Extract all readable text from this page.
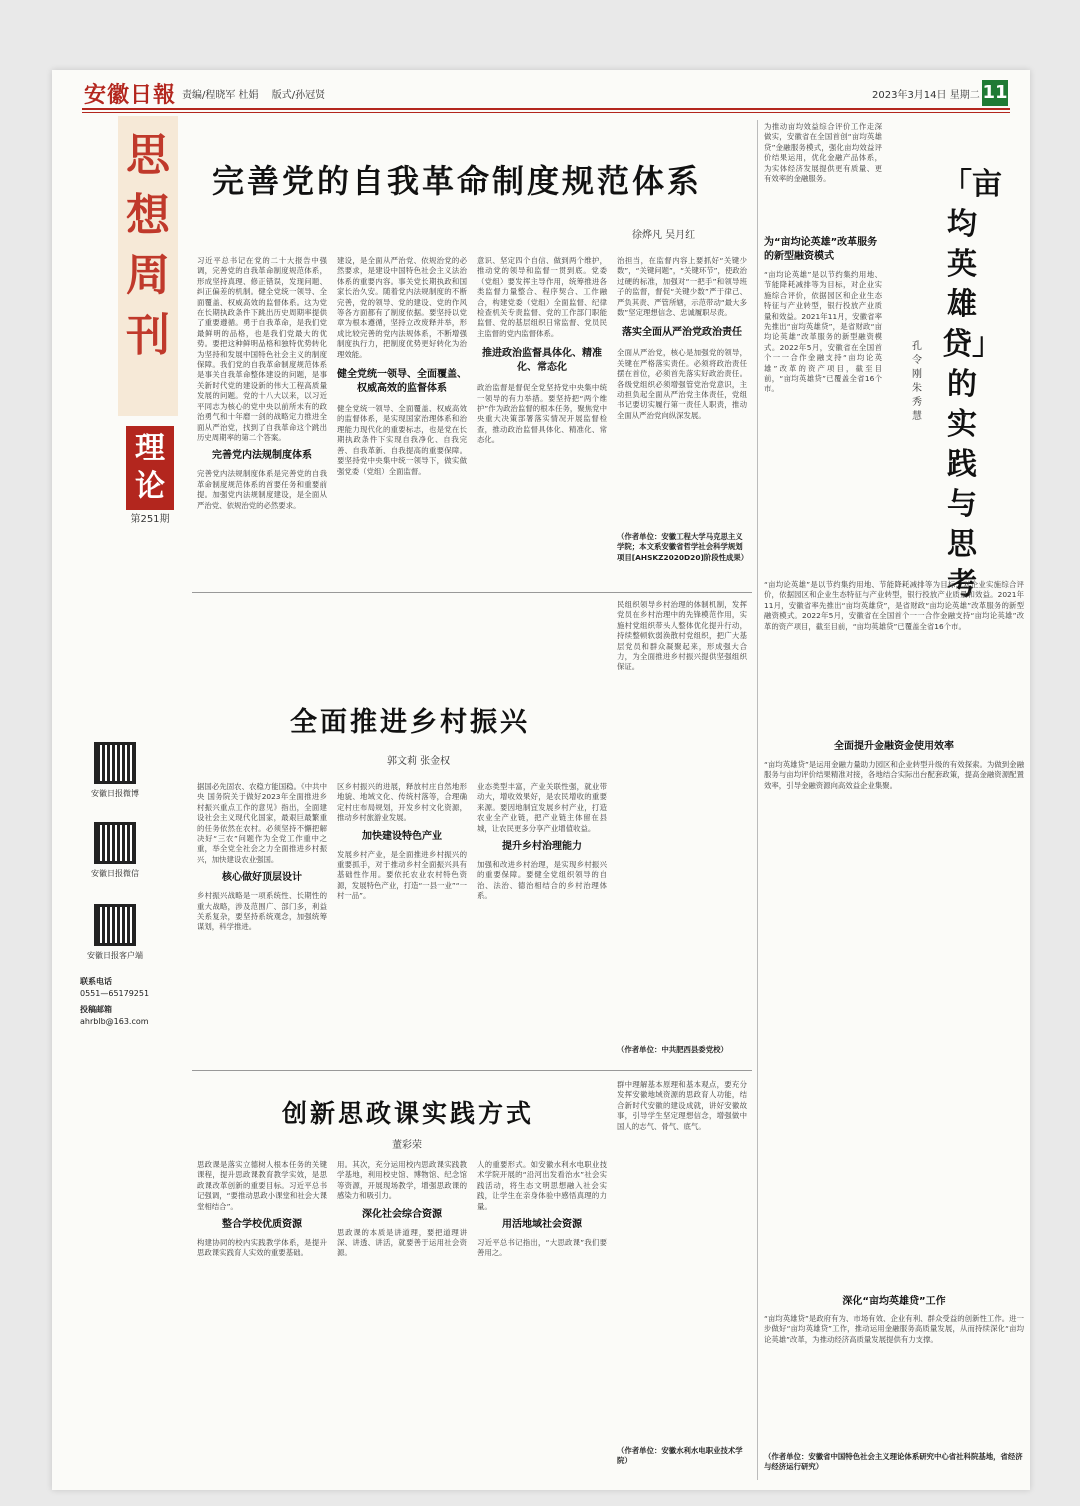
安徽日報 责编/程晓军 杜娟 版式/孙冠贤	2023年3月14日 星期二 11
思想周刊
理论
第251期
完善党的自我革命制度规范体系
徐烨凡 吴月红
习近平总书记在党的二十大报告中强调，完善党的自我革命制度规范体系，形成坚持真理、修正错误，发现问题、纠正偏差的机制。健全党统一领导、全面覆盖、权威高效的监督体系。这为党在长期执政条件下跳出历史周期率提供了重要遵循。勇于自我革命，是我们党最鲜明的品格，也是我们党最大的优势。要把这种鲜明品格和独特优势转化为坚持和发展中国特色社会主义的制度保障。我们党的自我革命制度规范体系是事关自我革命整体建设的问题，是事关新时代党的建设新的伟大工程高质量发展的问题。党的十八大以来，以习近平同志为核心的党中央以前所未有的政治勇气和十年磨一剑的战略定力推进全面从严治党，找到了自我革命这个跳出历史周期率的第二个答案。
完善党内法规制度体系
完善党内法规制度体系是完善党的自我革命制度规范体系的首要任务和重要前提。加强党内法规制度建设，是全面从严治党、依规治党的必然要求。
建设，是全面从严治党、依规治党的必然要求，是建设中国特色社会主义法治体系的重要内容。事关党长期执政和国家长治久安。随着党内法规制度的不断完善，党的领导、党的建设、党的作风等各方面都有了制度依据。要坚持以党章为根本遵循，坚持立改废释并举，形成比较完善的党内法规体系，不断增强制度执行力，把制度优势更好转化为治理效能。
健全党统一领导、全面覆盖、权威高效的监督体系
健全党统一领导、全面覆盖、权威高效的监督体系，是实现国家治理体系和治理能力现代化的重要标志，也是党在长期执政条件下实现自我净化、自我完善、自我革新、自我提高的重要保障。要坚持党中央集中统一领导下，做实做强党委（党组）全面监督。
意识、坚定四个自信、做到两个维护，推动党的领导和监督一贯到底。党委（党组）要发挥主导作用，统筹推进各类监督力量整合、程序契合、工作融合，构建党委（党组）全面监督、纪律检查机关专责监督、党的工作部门职能监督、党的基层组织日常监督、党员民主监督的党内监督体系。
推进政治监督具体化、精准化、常态化
政治监督是督促全党坚持党中央集中统一领导的有力举措。要坚持把“两个维护”作为政治监督的根本任务，聚焦党中央重大决策部署落实情况开展监督检查，推动政治监督具体化、精准化、常态化。
治担当，在监督内容上要抓好“关键少数”，“关键问题”，“关键环节”，使政治过硬的标准，加强对“一把手”和领导班子的监督，督促“关键少数”严于律己、严负其责、严管所辖，示范带动“最大多数”坚定理想信念、忠诚履职尽责。
落实全面从严治党政治责任
全面从严治党，核心是加强党的领导，关键在严格落实责任。必须将政治责任摆在首位，必须首先落实好政治责任。各级党组织必须增强管党治党意识，主动担负起全面从严治党主体责任，党组书记要切实履行第一责任人职责，推动全面从严治党向纵深发展。
（作者单位：安徽工程大学马克思主义学院；本文系安徽省哲学社会科学规划项目[AHSKZ2020D20]阶段性成果）
全面推进乡村振兴
郭文莉 张金权
据国必先固农、农稳方能国稳。《中共中央 国务院关于做好2023年全面推进乡村振兴重点工作的意见》指出，全面建设社会主义现代化国家，最艰巨最繁重的任务依然在农村。必须坚持不懈把解决好“三农”问题作为全党工作重中之重，举全党全社会之力全面推进乡村振兴，加快建设农业强国。
核心做好顶层设计
乡村振兴战略是一项系统性、长期性的重大战略，涉及范围广、部门多，利益关系复杂，要坚持系统观念，加强统筹谋划，科学推进。
区乡村振兴的进展，释放村庄自然地形地貌、地域文化、传统村落等，合理确定村庄布局规划，开发乡村文化资源，推动乡村旅游业发展。
加快建设特色产业
发展乡村产业，是全面推进乡村振兴的重要抓手，对于推动乡村全面振兴具有基础性作用。要依托农业农村特色资源，发展特色产业，打造“一县一业”“一村一品”。
业态类型丰富，产业关联性强，就业带动大，增收效果好，是农民增收的重要来源。要因地制宜发展乡村产业，打造农业全产业链，把产业链主体留在县城，让农民更多分享产业增值收益。
提升乡村治理能力
加强和改进乡村治理，是实现乡村振兴的重要保障。要健全党组织领导的自治、法治、德治相结合的乡村治理体系。
民组织领导乡村治理的体制机制，发挥党员在乡村治理中的先锋模范作用，实施村党组织带头人整体优化提升行动，持续整顿软弱涣散村党组织，把广大基层党员和群众凝聚起来，形成强大合力，为全面推进乡村振兴提供坚强组织保证。
（作者单位：中共肥西县委党校）
创新思政课实践方式
董彩荣
思政课是落实立德树人根本任务的关键课程，提升思政课教育教学实效，是思政课改革创新的重要目标。习近平总书记强调，“要推动思政小课堂和社会大课堂相结合”。
整合学校优质资源
构建协同的校内实践教学体系，是提升思政课实践育人实效的重要基础。
用。其次，充分运用校内思政课实践教学基地，利用校史馆、博物馆、纪念馆等资源，开展现场教学，增强思政课的感染力和吸引力。
深化社会综合资源
思政课的本质是讲道理，要把道理讲深、讲透、讲活，就要善于运用社会资源。
人的重要形式。如安徽水利水电职业技术学院开展的“沿河出发看治水”社会实践活动，将生态文明思想融入社会实践，让学生在亲身体验中感悟真理的力量。
用活地域社会资源
习近平总书记指出，“大思政课”我们要善用之。
群中理解基本原理和基本观点，要充分发挥安徽地域资源的思政育人功能，结合新时代安徽的建设成就，讲好安徽故事，引导学生坚定理想信念，增强做中国人的志气、骨气、底气。
（作者单位：安徽水利水电职业技术学院）
为推动亩均效益综合评价工作走深做实，安徽省在全国首创“亩均英雄贷”金融服务模式，强化亩均效益评价结果运用，优化金融产品体系，为实体经济发展提供更有质量、更有效率的金融服务。	「亩均英雄贷」的实践与思考
孔令刚 朱秀慧
为“亩均论英雄”改革服务的新型融资模式
“亩均论英雄”是以节约集约用地、节能降耗减排等为目标，对企业实施综合评价，依据园区和企业生态特征与产业转型，银行投放产业质量和效益。2021年11月，安徽省率先推出“亩均英雄贷”，是省财政“亩均论英雄”改革服务的新型融资模式。2022年5月，安徽省在全国首个一一合作金融支持“亩均论英雄”改革的资产项目，截至目前，“亩均英雄贷”已覆盖全省16个市。
“亩均论英雄”是以节约集约用地、节能降耗减排等为目标，对企业实施综合评价，依据园区和企业生态特征与产业转型，银行投放产业质量和效益。2021年11月，安徽省率先推出“亩均英雄贷”，是省财政“亩均论英雄”改革服务的新型融资模式。2022年5月，安徽省在全国首个一一合作金融支持“亩均论英雄”改革的资产项目，截至目前，“亩均英雄贷”已覆盖全省16个市。
全面提升金融资金使用效率
“亩均英雄贷”是运用金融力量助力园区和企业转型升级的有效探索。为做到金融服务与亩均评价结果精准对接，各地结合实际出台配套政策，提高金融资源配置效率，引导金融资源向高效益企业集聚。
深化“亩均英雄贷”工作
“亩均英雄贷”是政府有为、市场有效、企业有利、群众受益的创新性工作。进一步做好“亩均英雄贷”工作，推动运用金融服务高质量发展，从而持续深化“亩均论英雄”改革，为推动经济高质量发展提供有力支撑。
（作者单位：安徽省中国特色社会主义理论体系研究中心省社科院基地，省经济与经济运行研究）
安徽日报微博
安徽日报微信
安徽日报客户端
联系电话
0551—65179251
投稿邮箱
ahrblb@163.com
